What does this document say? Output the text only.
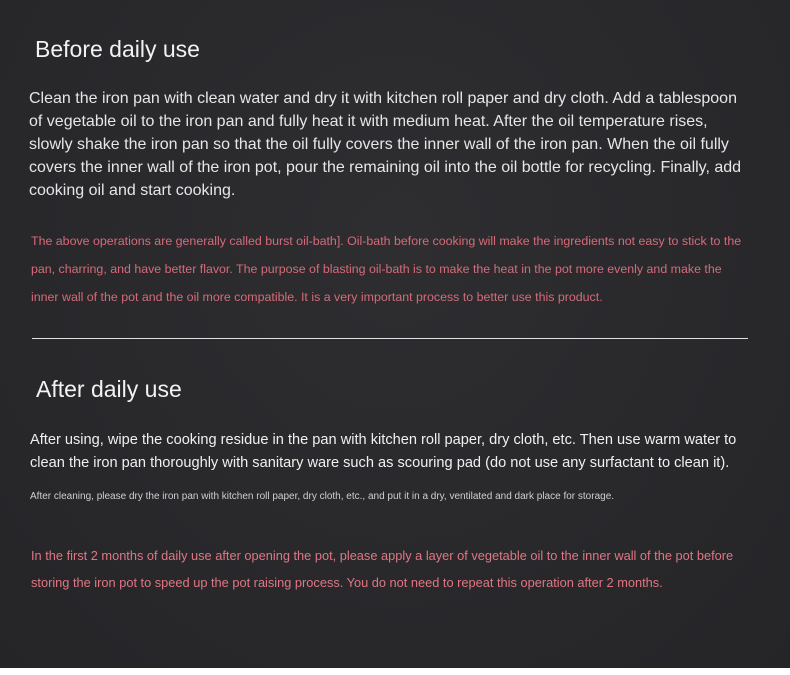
Before daily use

Clean the iron pan with clean water and dry it with kitchen roll paper and dry cloth. Add a tablespoon of vegetable oil to the iron pan and fully heat it with medium heat. After the oil temperature rises, slowly shake the iron pan so that the oil fully covers the inner wall of the iron pan. When the oil fully covers the inner wall of the iron pot, pour the remaining oil into the oil bottle for recycling. Finally, add cooking oil and start cooking.

The above operations are generally called burst oil-bath]. Oil-bath before cooking will make the ingredients not easy to stick to the pan, charring, and have better flavor. The purpose of blasting oil-bath is to make the heat in the pot more evenly and make the inner wall of the pot and the oil more compatible. It is a very important process to better use this product.

After daily use

After using, wipe the cooking residue in the pan with kitchen roll paper, dry cloth, etc. Then use warm water to clean the iron pan thoroughly with sanitary ware such as scouring pad (do not use any surfactant to clean it).

After cleaning, please dry the iron pan with kitchen roll paper, dry cloth, etc., and put it in a dry, ventilated and dark place for storage.

In the first 2 months of daily use after opening the pot, please apply a layer of vegetable oil to the inner wall of the pot before storing the iron pot to speed up the pot raising process. You do not need to repeat this operation after 2 months.
